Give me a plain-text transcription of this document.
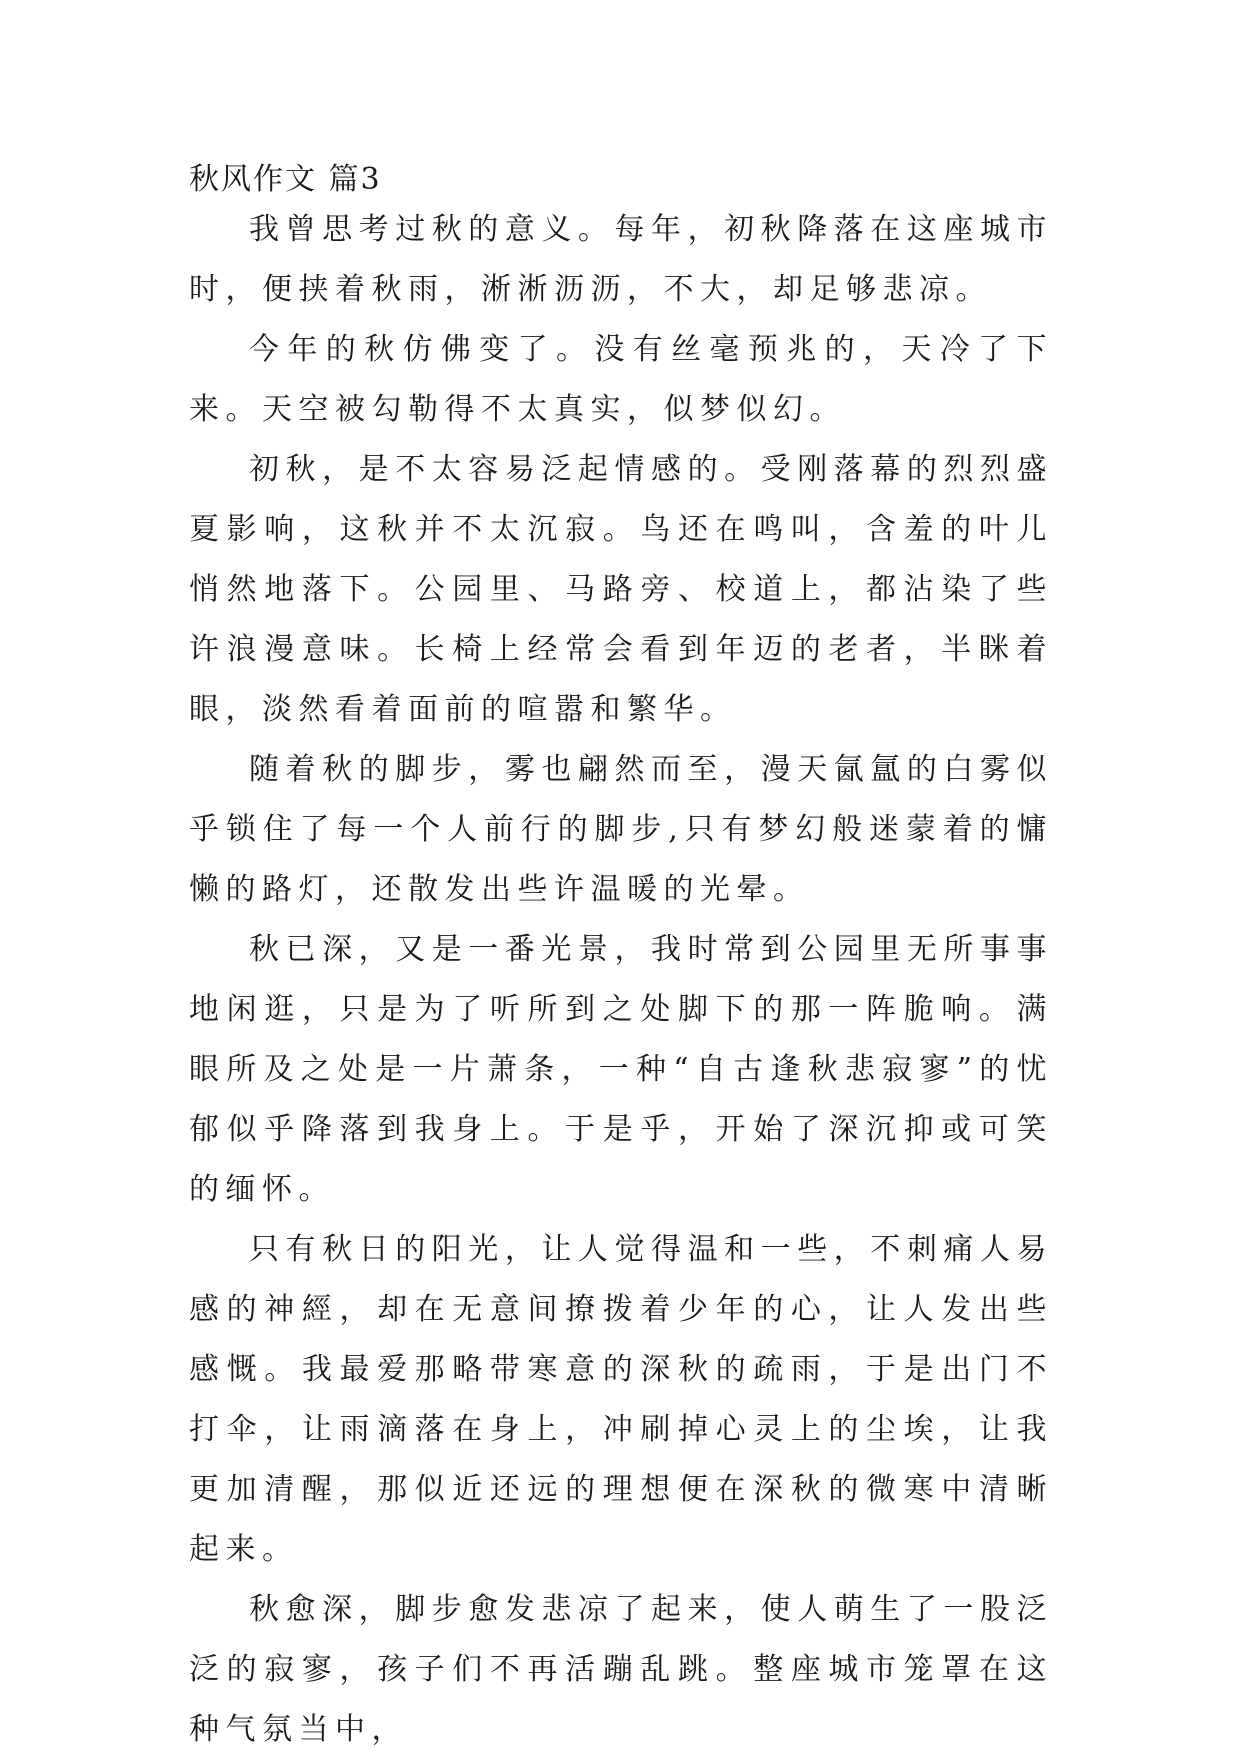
秋风作文 篇3

我曾思考过秋的意义。每年，初秋降落在这座城市时，便挟着秋雨，淅淅沥沥，不大，却足够悲凉。

今年的秋仿佛变了。没有丝毫预兆的，天冷了下来。天空被勾勒得不太真实，似梦似幻。

初秋，是不太容易泛起情感的。受刚落幕的烈烈盛夏影响，这秋并不太沉寂。鸟还在鸣叫，含羞的叶儿悄然地落下。公园里、马路旁、校道上，都沾染了些许浪漫意味。长椅上经常会看到年迈的老者，半眯着眼，淡然看着面前的喧嚣和繁华。

随着秋的脚步，雾也翩然而至，漫天氤氲的白雾似乎锁住了每一个人前行的脚步,只有梦幻般迷蒙着的慵懒的路灯，还散发出些许温暖的光晕。

秋已深，又是一番光景，我时常到公园里无所事事地闲逛，只是为了听所到之处脚下的那一阵脆响。满眼所及之处是一片萧条，一种“自古逢秋悲寂寥”的忧郁似乎降落到我身上。于是乎，开始了深沉抑或可笑的缅怀。

只有秋日的阳光，让人觉得温和一些，不刺痛人易感的神經，却在无意间撩拨着少年的心，让人发出些感慨。我最爱那略带寒意的深秋的疏雨，于是出门不打伞，让雨滴落在身上，冲刷掉心灵上的尘埃，让我更加清醒，那似近还远的理想便在深秋的微寒中清晰起来。

秋愈深，脚步愈发悲凉了起来，使人萌生了一股泛泛的寂寥，孩子们不再活蹦乱跳。整座城市笼罩在这种气氛当中，
